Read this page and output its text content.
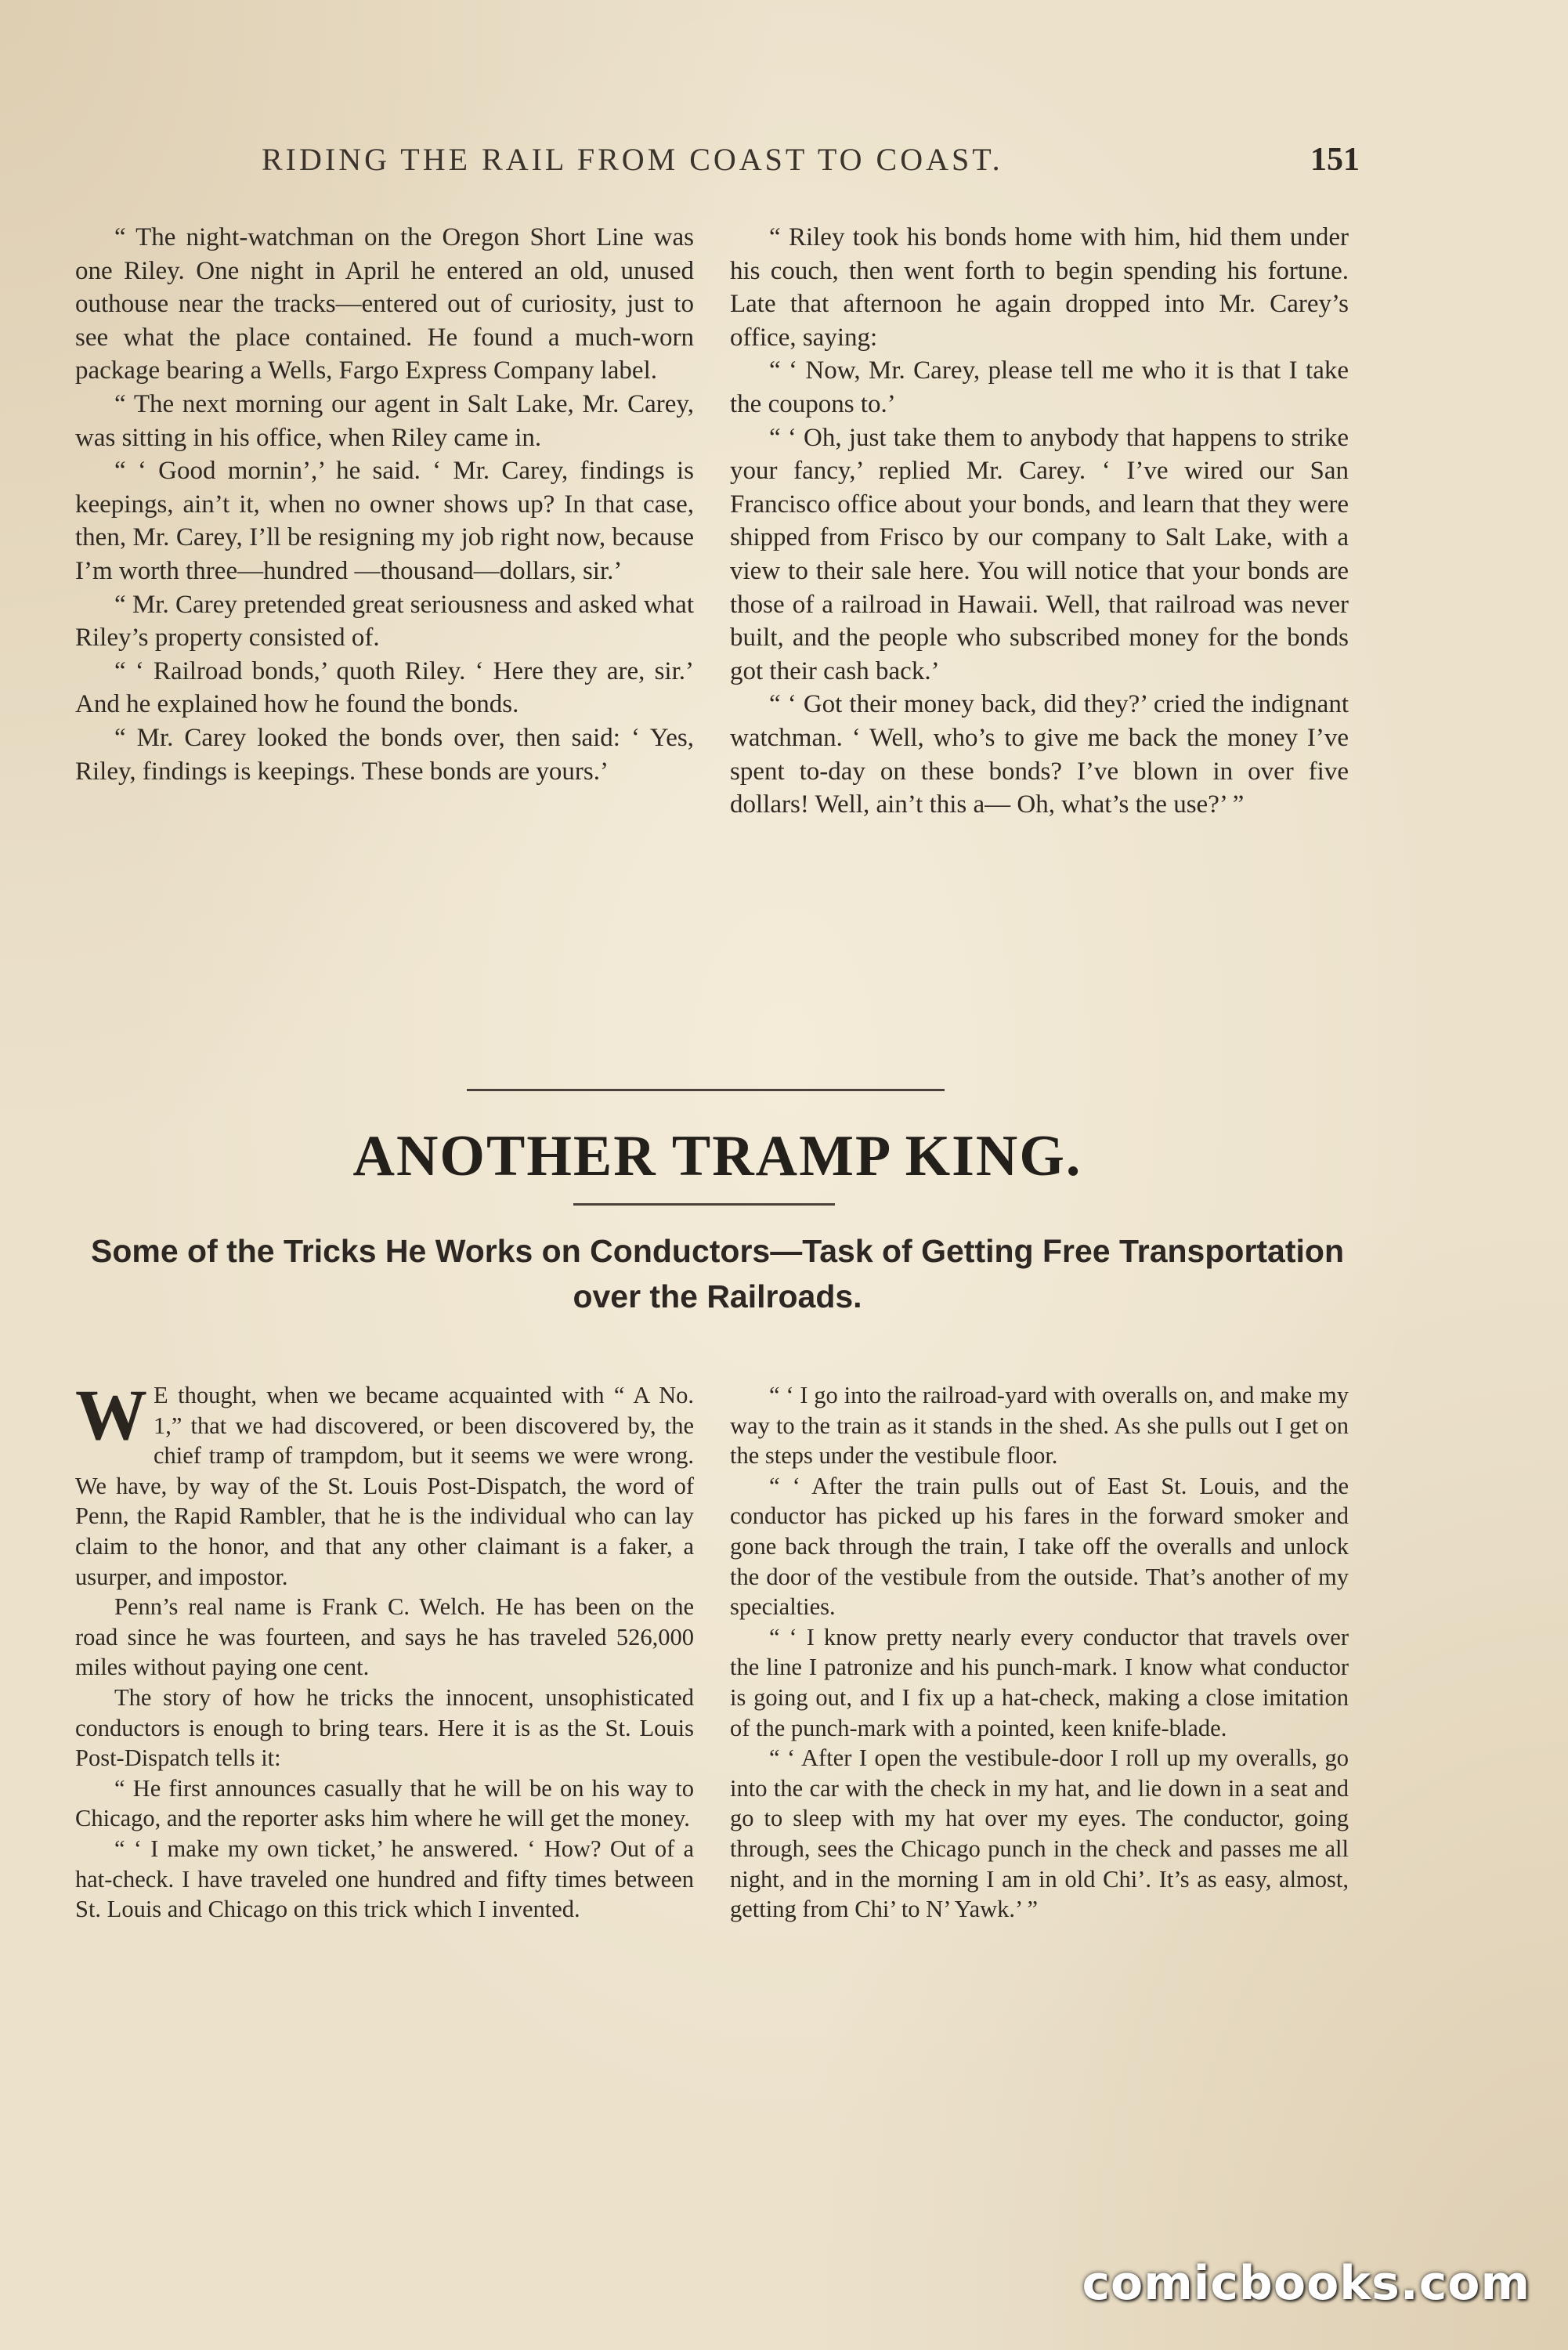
RIDING THE RAIL FROM COAST TO COAST.	151

“ The night-watchman on the Oregon Short Line was one Riley. One night in April he entered an old, unused outhouse near the tracks—entered out of curiosity, just to see what the place contained. He found a much-worn package bearing a Wells, Fargo Express Company label.

“ The next morning our agent in Salt Lake, Mr. Carey, was sitting in his office, when Riley came in.

“ ‘ Good mornin’,’ he said. ‘ Mr. Carey, findings is keepings, ain’t it, when no owner shows up? In that case, then, Mr. Carey, I’ll be resigning my job right now, because I’m worth three—hundred —thousand—dollars, sir.’

“ Mr. Carey pretended great seriousness and asked what Riley’s property consisted of.

“ ‘ Railroad bonds,’ quoth Riley. ‘ Here they are, sir.’ And he explained how he found the bonds.

“ Mr. Carey looked the bonds over, then said: ‘ Yes, Riley, findings is keepings. These bonds are yours.’

“ Riley took his bonds home with him, hid them under his couch, then went forth to begin spending his fortune. Late that afternoon he again dropped into Mr. Carey’s office, saying:

“ ‘ Now, Mr. Carey, please tell me who it is that I take the coupons to.’

“ ‘ Oh, just take them to anybody that happens to strike your fancy,’ replied Mr. Carey. ‘ I’ve wired our San Francisco office about your bonds, and learn that they were shipped from Frisco by our company to Salt Lake, with a view to their sale here. You will notice that your bonds are those of a railroad in Hawaii. Well, that railroad was never built, and the people who subscribed money for the bonds got their cash back.’

“ ‘ Got their money back, did they?’ cried the indignant watchman. ‘ Well, who’s to give me back the money I’ve spent to-day on these bonds? I’ve blown in over five dollars! Well, ain’t this a— Oh, what’s the use?’ ”

ANOTHER TRAMP KING.
Some of the Tricks He Works on Conductors—Task of Getting Free Transportation over the Railroads.

W E thought, when we became acquainted with “ A No. 1,” that we had discovered, or been discovered by, the chief tramp of trampdom, but it seems we were wrong. We have, by way of the St. Louis Post-Dispatch, the word of Penn, the Rapid Rambler, that he is the individual who can lay claim to the honor, and that any other claimant is a faker, a usurper, and impostor.

Penn’s real name is Frank C. Welch. He has been on the road since he was fourteen, and says he has traveled 526,000 miles without paying one cent.

The story of how he tricks the innocent, unsophisticated conductors is enough to bring tears. Here it is as the St. Louis Post-Dispatch tells it:

“ He first announces casually that he will be on his way to Chicago, and the reporter asks him where he will get the money.

“ ‘ I make my own ticket,’ he answered. ‘ How? Out of a hat-check. I have traveled one hundred and fifty times between St. Louis and Chicago on this trick which I invented.

“ ‘ I go into the railroad-yard with overalls on, and make my way to the train as it stands in the shed. As she pulls out I get on the steps under the vestibule floor.

“ ‘ After the train pulls out of East St. Louis, and the conductor has picked up his fares in the forward smoker and gone back through the train, I take off the overalls and unlock the door of the vestibule from the outside. That’s another of my specialties.

“ ‘ I know pretty nearly every conductor that travels over the line I patronize and his punch-mark. I know what conductor is going out, and I fix up a hat-check, making a close imitation of the punch-mark with a pointed, keen knife-blade.

“ ‘ After I open the vestibule-door I roll up my overalls, go into the car with the check in my hat, and lie down in a seat and go to sleep with my hat over my eyes. The conductor, going through, sees the Chicago punch in the check and passes me all night, and in the morning I am in old Chi’. It’s as easy, almost, getting from Chi’ to N’ Yawk.’ ”

comicbooks.com
